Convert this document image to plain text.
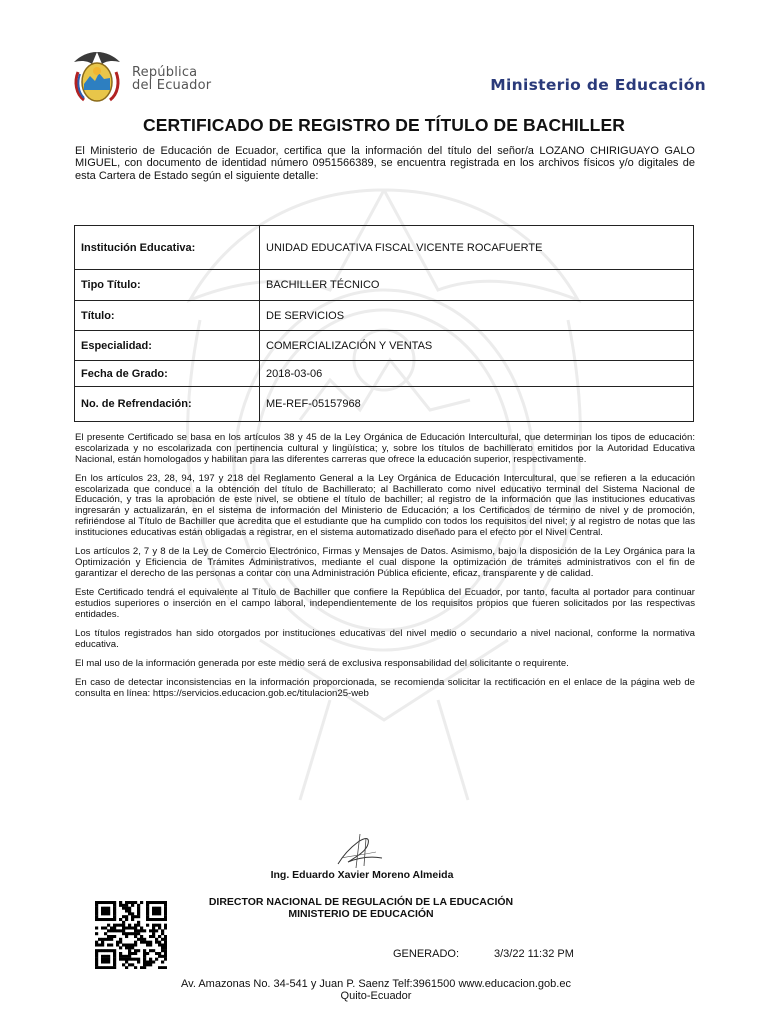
República
del Ecuador	Ministerio de Educación
CERTIFICADO DE REGISTRO DE TÍTULO DE BACHILLER
El Ministerio de Educación de Ecuador, certifica que la información del título del señor/a LOZANO CHIRIGUAYO GALO MIGUEL, con documento de identidad número 0951566389, se encuentra registrada en los archivos físicos y/o digitales de esta Cartera de Estado según el siguiente detalle:
Institución Educativa:	UNIDAD EDUCATIVA FISCAL VICENTE ROCAFUERTE
Tipo Título:	BACHILLER TÉCNICO
Título:	DE SERVICIOS
Especialidad:	COMERCIALIZACIÓN Y VENTAS
Fecha de Grado:	2018-03-06
No. de Refrendación:	ME-REF-05157968

El presente Certificado se basa en los artículos 38 y 45 de la Ley Orgánica de Educación Intercultural, que determinan los tipos de educación: escolarizada y no escolarizada con pertinencia cultural y lingüística; y, sobre los títulos de bachillerato emitidos por la Autoridad Educativa Nacional, están homologados y habilitan para las diferentes carreras que ofrece la educación superior, respectivamente.

En los artículos 23, 28, 94, 197 y 218 del Reglamento General a la Ley Orgánica de Educación Intercultural, que se refieren a la educación escolarizada que conduce a la obtención del título de Bachillerato; al Bachillerato como nivel educativo terminal del Sistema Nacional de Educación, y tras la aprobación de este nivel, se obtiene el título de bachiller; al registro de la información que las instituciones educativas ingresarán y actualizarán, en el sistema de información del Ministerio de Educación; a los Certificados de término de nivel y de promoción, refiriéndose al Título de Bachiller que acredita que el estudiante que ha cumplido con todos los requisitos del nivel; y al registro de notas que las instituciones educativas están obligadas a registrar, en el sistema automatizado diseñado para el efecto por el Nivel Central.

Los artículos 2, 7 y 8 de la Ley de Comercio Electrónico, Firmas y Mensajes de Datos. Asimismo, bajo la disposición de la Ley Orgánica para la Optimización y Eficiencia de Trámites Administrativos, mediante el cual dispone la optimización de trámites administrativos con el fin de garantizar el derecho de las personas a contar con una Administración Pública eficiente, eficaz, transparente y de calidad.

Este Certificado tendrá el equivalente al Título de Bachiller que confiere la República del Ecuador, por tanto, faculta al portador para continuar estudios superiores o inserción en el campo laboral, independientemente de los requisitos propios que fueren solicitados por las respectivas entidades.

Los títulos registrados han sido otorgados por instituciones educativas del nivel medio o secundario a nivel nacional, conforme la normativa educativa.

El mal uso de la información generada por este medio será de exclusiva responsabilidad del solicitante o requirente.

En caso de detectar inconsistencias en la información proporcionada, se recomienda solicitar la rectificación en el enlace de la página web de consulta en línea: https://servicios.educacion.gob.ec/titulacion25-web

Ing. Eduardo Xavier Moreno Almeida
DIRECTOR NACIONAL DE REGULACIÓN DE LA EDUCACIÓN
MINISTERIO DE EDUCACIÓN
GENERADO:	3/3/22 11:32 PM
Av. Amazonas No. 34-541 y Juan P. Saenz Telf:3961500 www.educacion.gob.ec
Quito-Ecuador
